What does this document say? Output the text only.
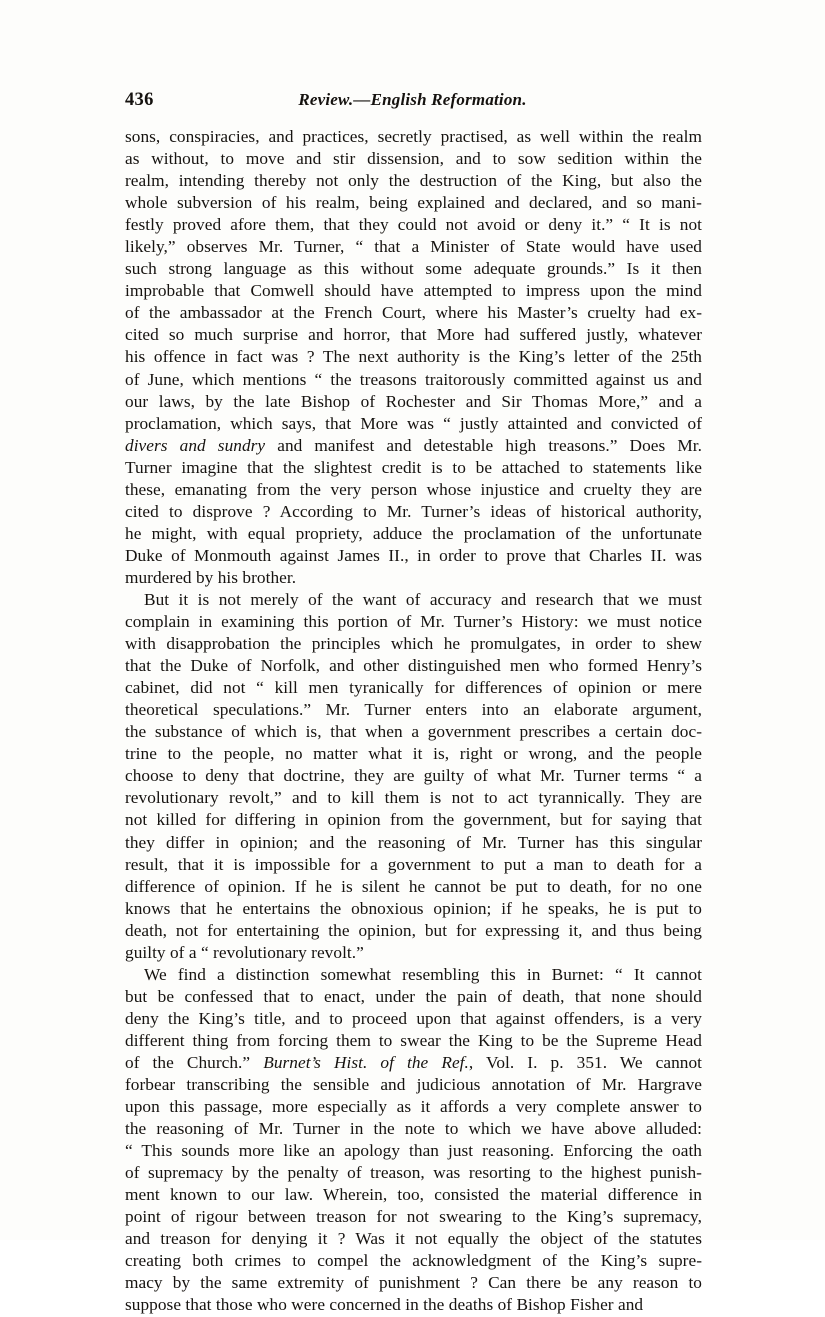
436	Review.—English Reformation.
sons, conspiracies, and practices, secretly practised, as well within the realm
as without, to move and stir dissension, and to sow sedition within the
realm, intending thereby not only the destruction of the King, but also the
whole subversion of his realm, being explained and declared, and so mani-
festly proved afore them, that they could not avoid or deny it.” “ It is not
likely,” observes Mr. Turner, “ that a Minister of State would have used
such strong language as this without some adequate grounds.” Is it then
improbable that Comwell should have attempted to impress upon the mind
of the ambassador at the French Court, where his Master’s cruelty had ex-
cited so much surprise and horror, that More had suffered justly, whatever
his offence in fact was ? The next authority is the King’s letter of the 25th
of June, which mentions “ the treasons traitorously committed against us and
our laws, by the late Bishop of Rochester and Sir Thomas More,” and a
proclamation, which says, that More was “ justly attainted and convicted of
divers and sundry and manifest and detestable high treasons.” Does Mr.
Turner imagine that the slightest credit is to be attached to statements like
these, emanating from the very person whose injustice and cruelty they are
cited to disprove ? According to Mr. Turner’s ideas of historical authority,
he might, with equal propriety, adduce the proclamation of the unfortunate
Duke of Monmouth against James II., in order to prove that Charles II. was
murdered by his brother.
But it is not merely of the want of accuracy and research that we must
complain in examining this portion of Mr. Turner’s History: we must notice
with disapprobation the principles which he promulgates, in order to shew
that the Duke of Norfolk, and other distinguished men who formed Henry’s
cabinet, did not “ kill men tyranically for differences of opinion or mere
theoretical speculations.” Mr. Turner enters into an elaborate argument,
the substance of which is, that when a government prescribes a certain doc-
trine to the people, no matter what it is, right or wrong, and the people
choose to deny that doctrine, they are guilty of what Mr. Turner terms “ a
revolutionary revolt,” and to kill them is not to act tyrannically. They are
not killed for differing in opinion from the government, but for saying that
they differ in opinion; and the reasoning of Mr. Turner has this singular
result, that it is impossible for a government to put a man to death for a
difference of opinion. If he is silent he cannot be put to death, for no one
knows that he entertains the obnoxious opinion; if he speaks, he is put to
death, not for entertaining the opinion, but for expressing it, and thus being
guilty of a “ revolutionary revolt.”
We find a distinction somewhat resembling this in Burnet: “ It cannot
but be confessed that to enact, under the pain of death, that none should
deny the King’s title, and to proceed upon that against offenders, is a very
different thing from forcing them to swear the King to be the Supreme Head
of the Church.” Burnet’s Hist. of the Ref., Vol. I. p. 351. We cannot
forbear transcribing the sensible and judicious annotation of Mr. Hargrave
upon this passage, more especially as it affords a very complete answer to
the reasoning of Mr. Turner in the note to which we have above alluded:
“ This sounds more like an apology than just reasoning. Enforcing the oath
of supremacy by the penalty of treason, was resorting to the highest punish-
ment known to our law. Wherein, too, consisted the material difference in
point of rigour between treason for not swearing to the King’s supremacy,
and treason for denying it ? Was it not equally the object of the statutes
creating both crimes to compel the acknowledgment of the King’s supre-
macy by the same extremity of punishment ? Can there be any reason to
suppose that those who were concerned in the deaths of Bishop Fisher and
